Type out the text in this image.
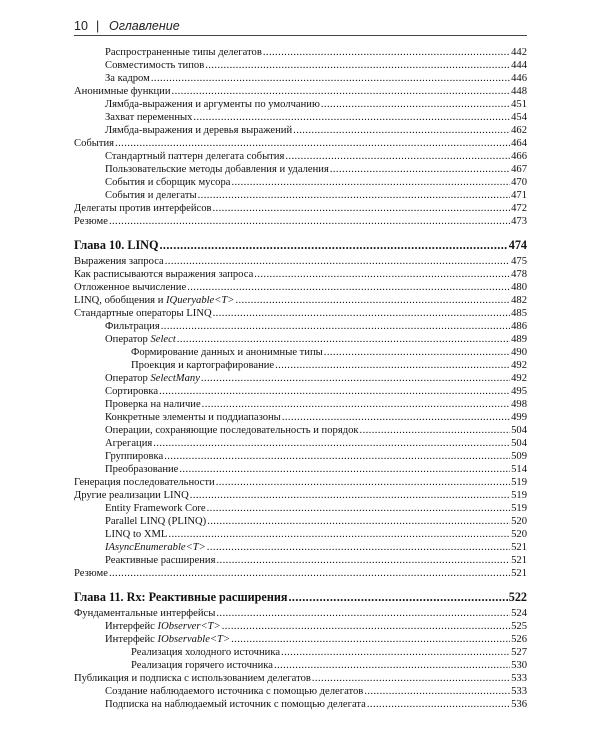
10 | Оглавление
Распространенные типы делегатов .....	442
Совместимость типов .....	444
За кадром .....	446
Анонимные функции .....	448
Лямбда-выражения и аргументы по умолчанию .....	451
Захват переменных .....	454
Лямбда-выражения и деревья выражений .....	462
События .....	464
Стандартный паттерн делегата события .....	466
Пользовательские методы добавления и удаления .....	467
События и сборщик мусора .....	470
События и делегаты .....	471
Делегаты против интерфейсов .....	472
Резюме .....	473
Глава 10. LINQ .....	474
Выражения запроса .....	475
Как расписываются выражения запроса .....	478
Отложенное вычисление .....	480
LINQ, обобщения и IQueryable<T> .....	482
Стандартные операторы LINQ .....	485
Фильтрация .....	486
Оператор Select .....	489
Формирование данных и анонимные типы .....	490
Проекция и картографирование .....	492
Оператор SelectMany .....	492
Сортировка .....	495
Проверка на наличие .....	498
Конкретные элементы и поддиапазоны .....	499
Операции, сохраняющие последовательность и порядок .....	504
Агрегация .....	504
Группировка .....	509
Преобразование .....	514
Генерация последовательности .....	519
Другие реализации LINQ .....	519
Entity Framework Core .....	519
Parallel LINQ (PLINQ) .....	520
LINQ to XML .....	520
IAsyncEnumerable<T> .....	521
Реактивные расширения .....	521
Резюме .....	521
Глава 11. Rx: Реактивные расширения .....	522
Фундаментальные интерфейсы .....	524
Интерфейс IObserver<T> .....	525
Интерфейс IObservable<T> .....	526
Реализация холодного источника .....	527
Реализация горячего источника .....	530
Публикация и подписка с использованием делегатов .....	533
Создание наблюдаемого источника с помощью делегатов .....	533
Подписка на наблюдаемый источник с помощью делегата .....	536
